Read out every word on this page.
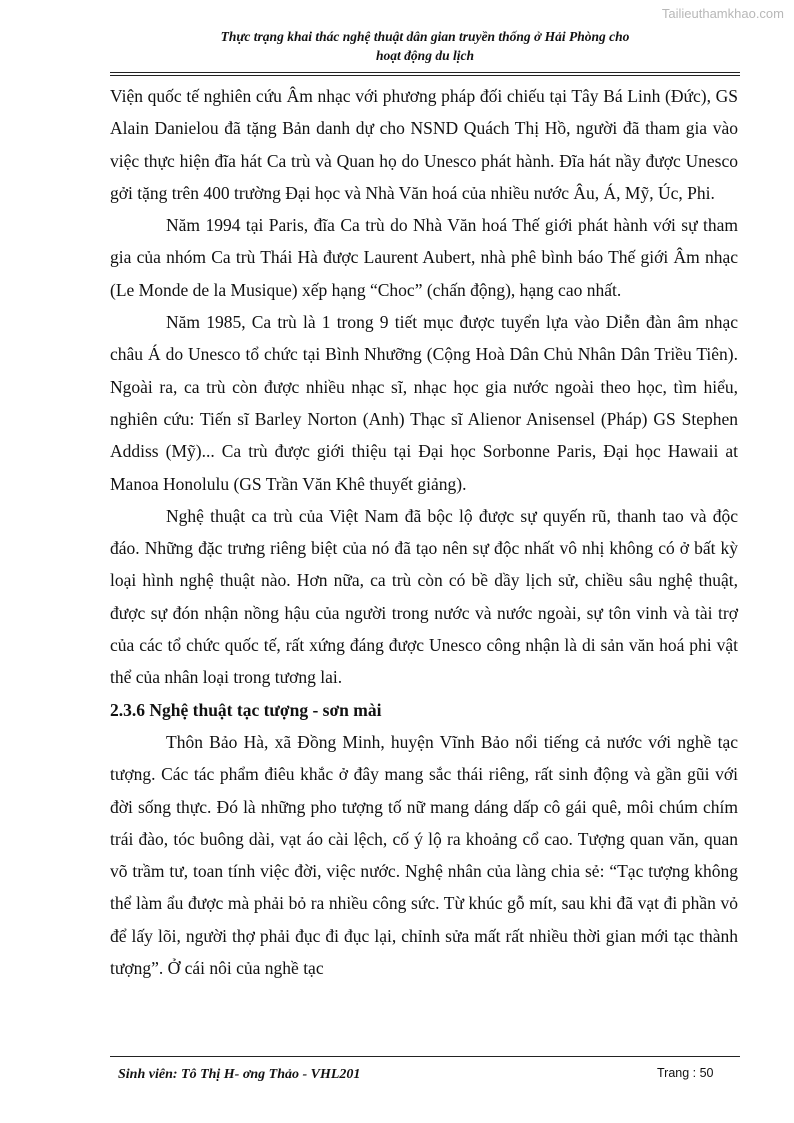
Tailieuthamkhao.com
Thực trạng khai thác nghệ thuật dân gian truyền thống ở Hải Phòng cho
hoạt động du lịch

Viện quốc tế nghiên cứu Âm nhạc với phương pháp đối chiếu tại Tây Bá Linh (Đức), GS Alain Danielou đã tặng Bản danh dự cho NSND Quách Thị Hồ, người đã tham gia vào việc thực hiện đĩa hát Ca trù và Quan họ do Unesco phát hành. Đĩa hát nầy được Unesco gởi tặng trên 400 trường Đại học và Nhà Văn hoá của nhiều nước Âu, Á, Mỹ, Úc, Phi.

Năm 1994 tại Paris, đĩa Ca trù do Nhà Văn hoá Thế giới phát hành với sự tham gia của nhóm Ca trù Thái Hà được Laurent Aubert, nhà phê bình báo Thế giới Âm nhạc (Le Monde de la Musique) xếp hạng “Choc” (chấn động), hạng cao nhất.

Năm 1985, Ca trù là 1 trong 9 tiết mục được tuyển lựa vào Diễn đàn âm nhạc châu Á do Unesco tổ chức tại Bình Nhưỡng (Cộng Hoà Dân Chủ Nhân Dân Triều Tiên). Ngoài ra, ca trù còn được nhiều nhạc sĩ, nhạc học gia nước ngoài theo học, tìm hiểu, nghiên cứu: Tiến sĩ Barley Norton (Anh) Thạc sĩ Alienor Anisensel (Pháp) GS Stephen Addiss (Mỹ)... Ca trù được giới thiệu tại Đại học Sorbonne Paris, Đại học Hawaii at Manoa Honolulu (GS Trần Văn Khê thuyết giảng).

Nghệ thuật ca trù của Việt Nam đã bộc lộ được sự quyến rũ, thanh tao và độc đáo. Những đặc trưng riêng biệt của nó đã tạo nên sự độc nhất vô nhị không có ở bất kỳ loại hình nghệ thuật nào. Hơn nữa, ca trù còn có bề dầy lịch sử, chiều sâu nghệ thuật, được sự đón nhận nồng hậu của người trong nước và nước ngoài, sự tôn vinh và tài trợ của các tổ chức quốc tế, rất xứng đáng được Unesco công nhận là di sản văn hoá phi vật thể của nhân loại trong tương lai.

2.3.6 Nghệ thuật tạc tượng - sơn mài

Thôn Bảo Hà, xã Đồng Minh, huyện Vĩnh Bảo nổi tiếng cả nước với nghề tạc tượng. Các tác phẩm điêu khắc ở đây mang sắc thái riêng, rất sinh động và gần gũi với đời sống thực. Đó là những pho tượng tố nữ mang dáng dấp cô gái quê, môi chúm chím trái đào, tóc buông dài, vạt áo cài lệch, cố ý lộ ra khoảng cổ cao. Tượng quan văn, quan võ trầm tư, toan tính việc đời, việc nước. Nghệ nhân của làng chia sẻ: “Tạc tượng không thể làm ẩu được mà phải bỏ ra nhiều công sức. Từ khúc gỗ mít, sau khi đã vạt đi phần vỏ để lấy lõi, người thợ phải đục đi đục lại, chỉnh sửa mất rất nhiều thời gian mới tạc thành tượng”. Ở cái nôi của nghề tạc

Sinh viên: Tô Thị H- ơng Thảo - VHL201	Trang : 50
